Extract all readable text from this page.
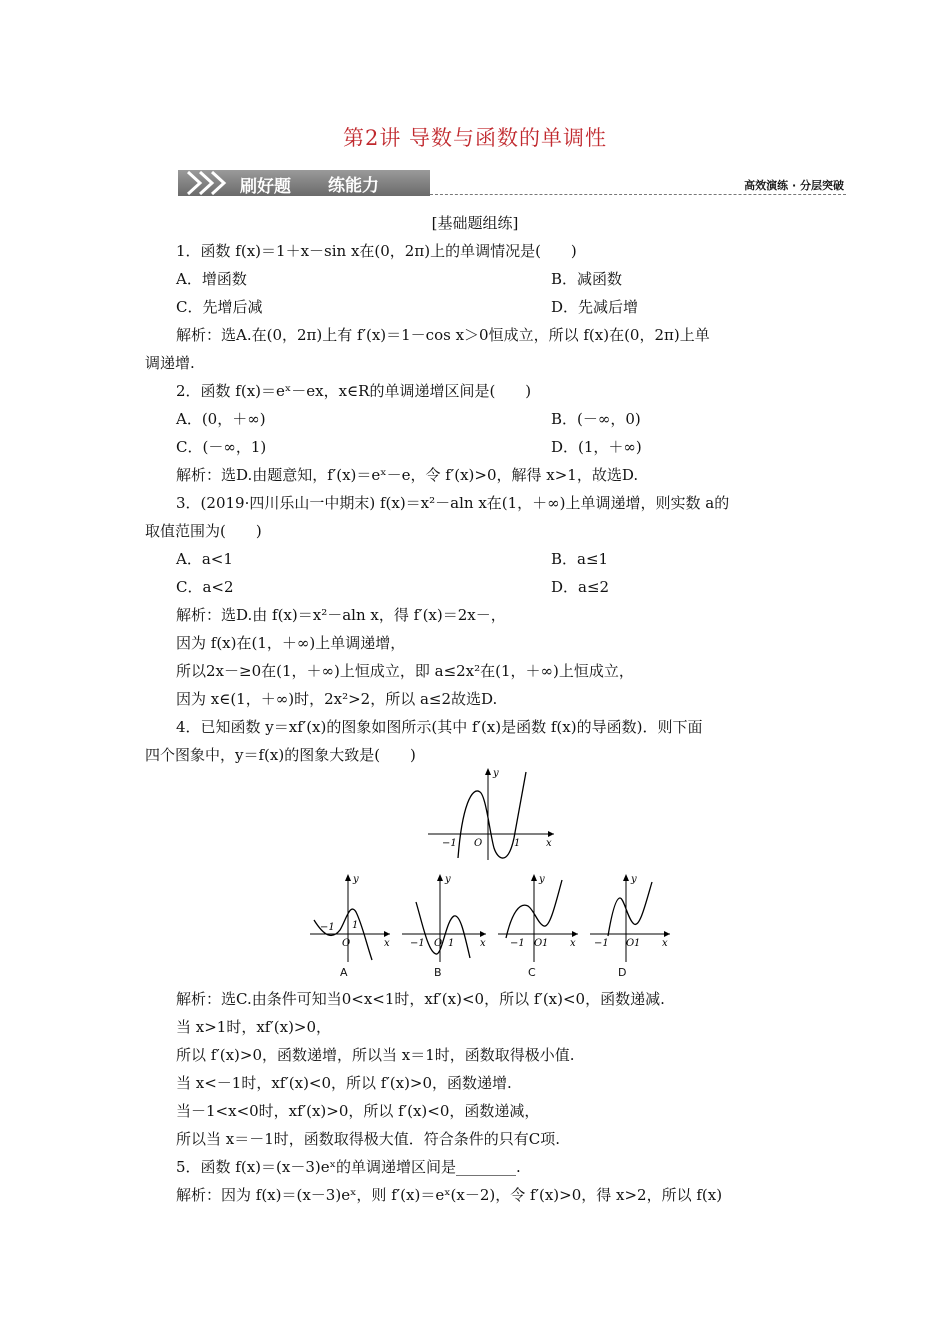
第2讲 导数与函数的单调性
刷好题 练能力	高效演练 · 分层突破
[基础题组练]
1．函数 f(x)＝1＋x－sin x在(0，2π)上的单调情况是(　　)
A．增函数	B．减函数
C．先增后减	D．先减后增
解析：选A.在(0，2π)上有 f′(x)＝1－cos x＞0恒成立，所以 f(x)在(0，2π)上单
调递增.
2．函数 f(x)＝eˣ－ex，x∈R的单调递增区间是(　　)
A．(0，＋∞)	B．(－∞，0)
C．(－∞，1)	D．(1，＋∞)
解析：选D.由题意知，f′(x)＝eˣ－e，令 f′(x)>0，解得 x>1，故选D.
3．(2019·四川乐山一中期末) f(x)＝x²－aln x在(1，＋∞)上单调递增，则实数 a的
取值范围为(　　)
A．a<1	B．a≤1
C．a<2	D．a≤2
解析：选D.由 f(x)＝x²－aln x，得 f′(x)＝2x－，
因为 f(x)在(1，＋∞)上单调递增，
所以2x－≥0在(1，＋∞)上恒成立，即 a≤2x²在(1，＋∞)上恒成立，
因为 x∈(1，＋∞)时，2x²>2，所以 a≤2故选D.
4．已知函数 y＝xf′(x)的图象如图所示(其中 f′(x)是函数 f(x)的导函数)．则下面
四个图象中，y＝f(x)的图象大致是(　　)
解析：选C.由条件可知当0<x<1时，xf′(x)<0，所以 f′(x)<0，函数递减.
当 x>1时，xf′(x)>0，
所以 f′(x)>0，函数递增，所以当 x＝1时，函数取得极小值.
当 x<－1时，xf′(x)<0，所以 f′(x)>0，函数递增.
当－1<x<0时，xf′(x)>0，所以 f′(x)<0，函数递减，
所以当 x＝－1时，函数取得极大值．符合条件的只有C项.
5．函数 f(x)＝(x－3)eˣ的单调递增区间是________.
解析：因为 f(x)＝(x－3)eˣ，则 f′(x)＝eˣ(x－2)，令 f′(x)>0，得 x>2，所以 f(x)
y
x
O
−1	1
y
x
O
−1 1
A
y
x
O
−1 1
B
y
x
O
−1 1
C
y
x
O
−1	1
D
